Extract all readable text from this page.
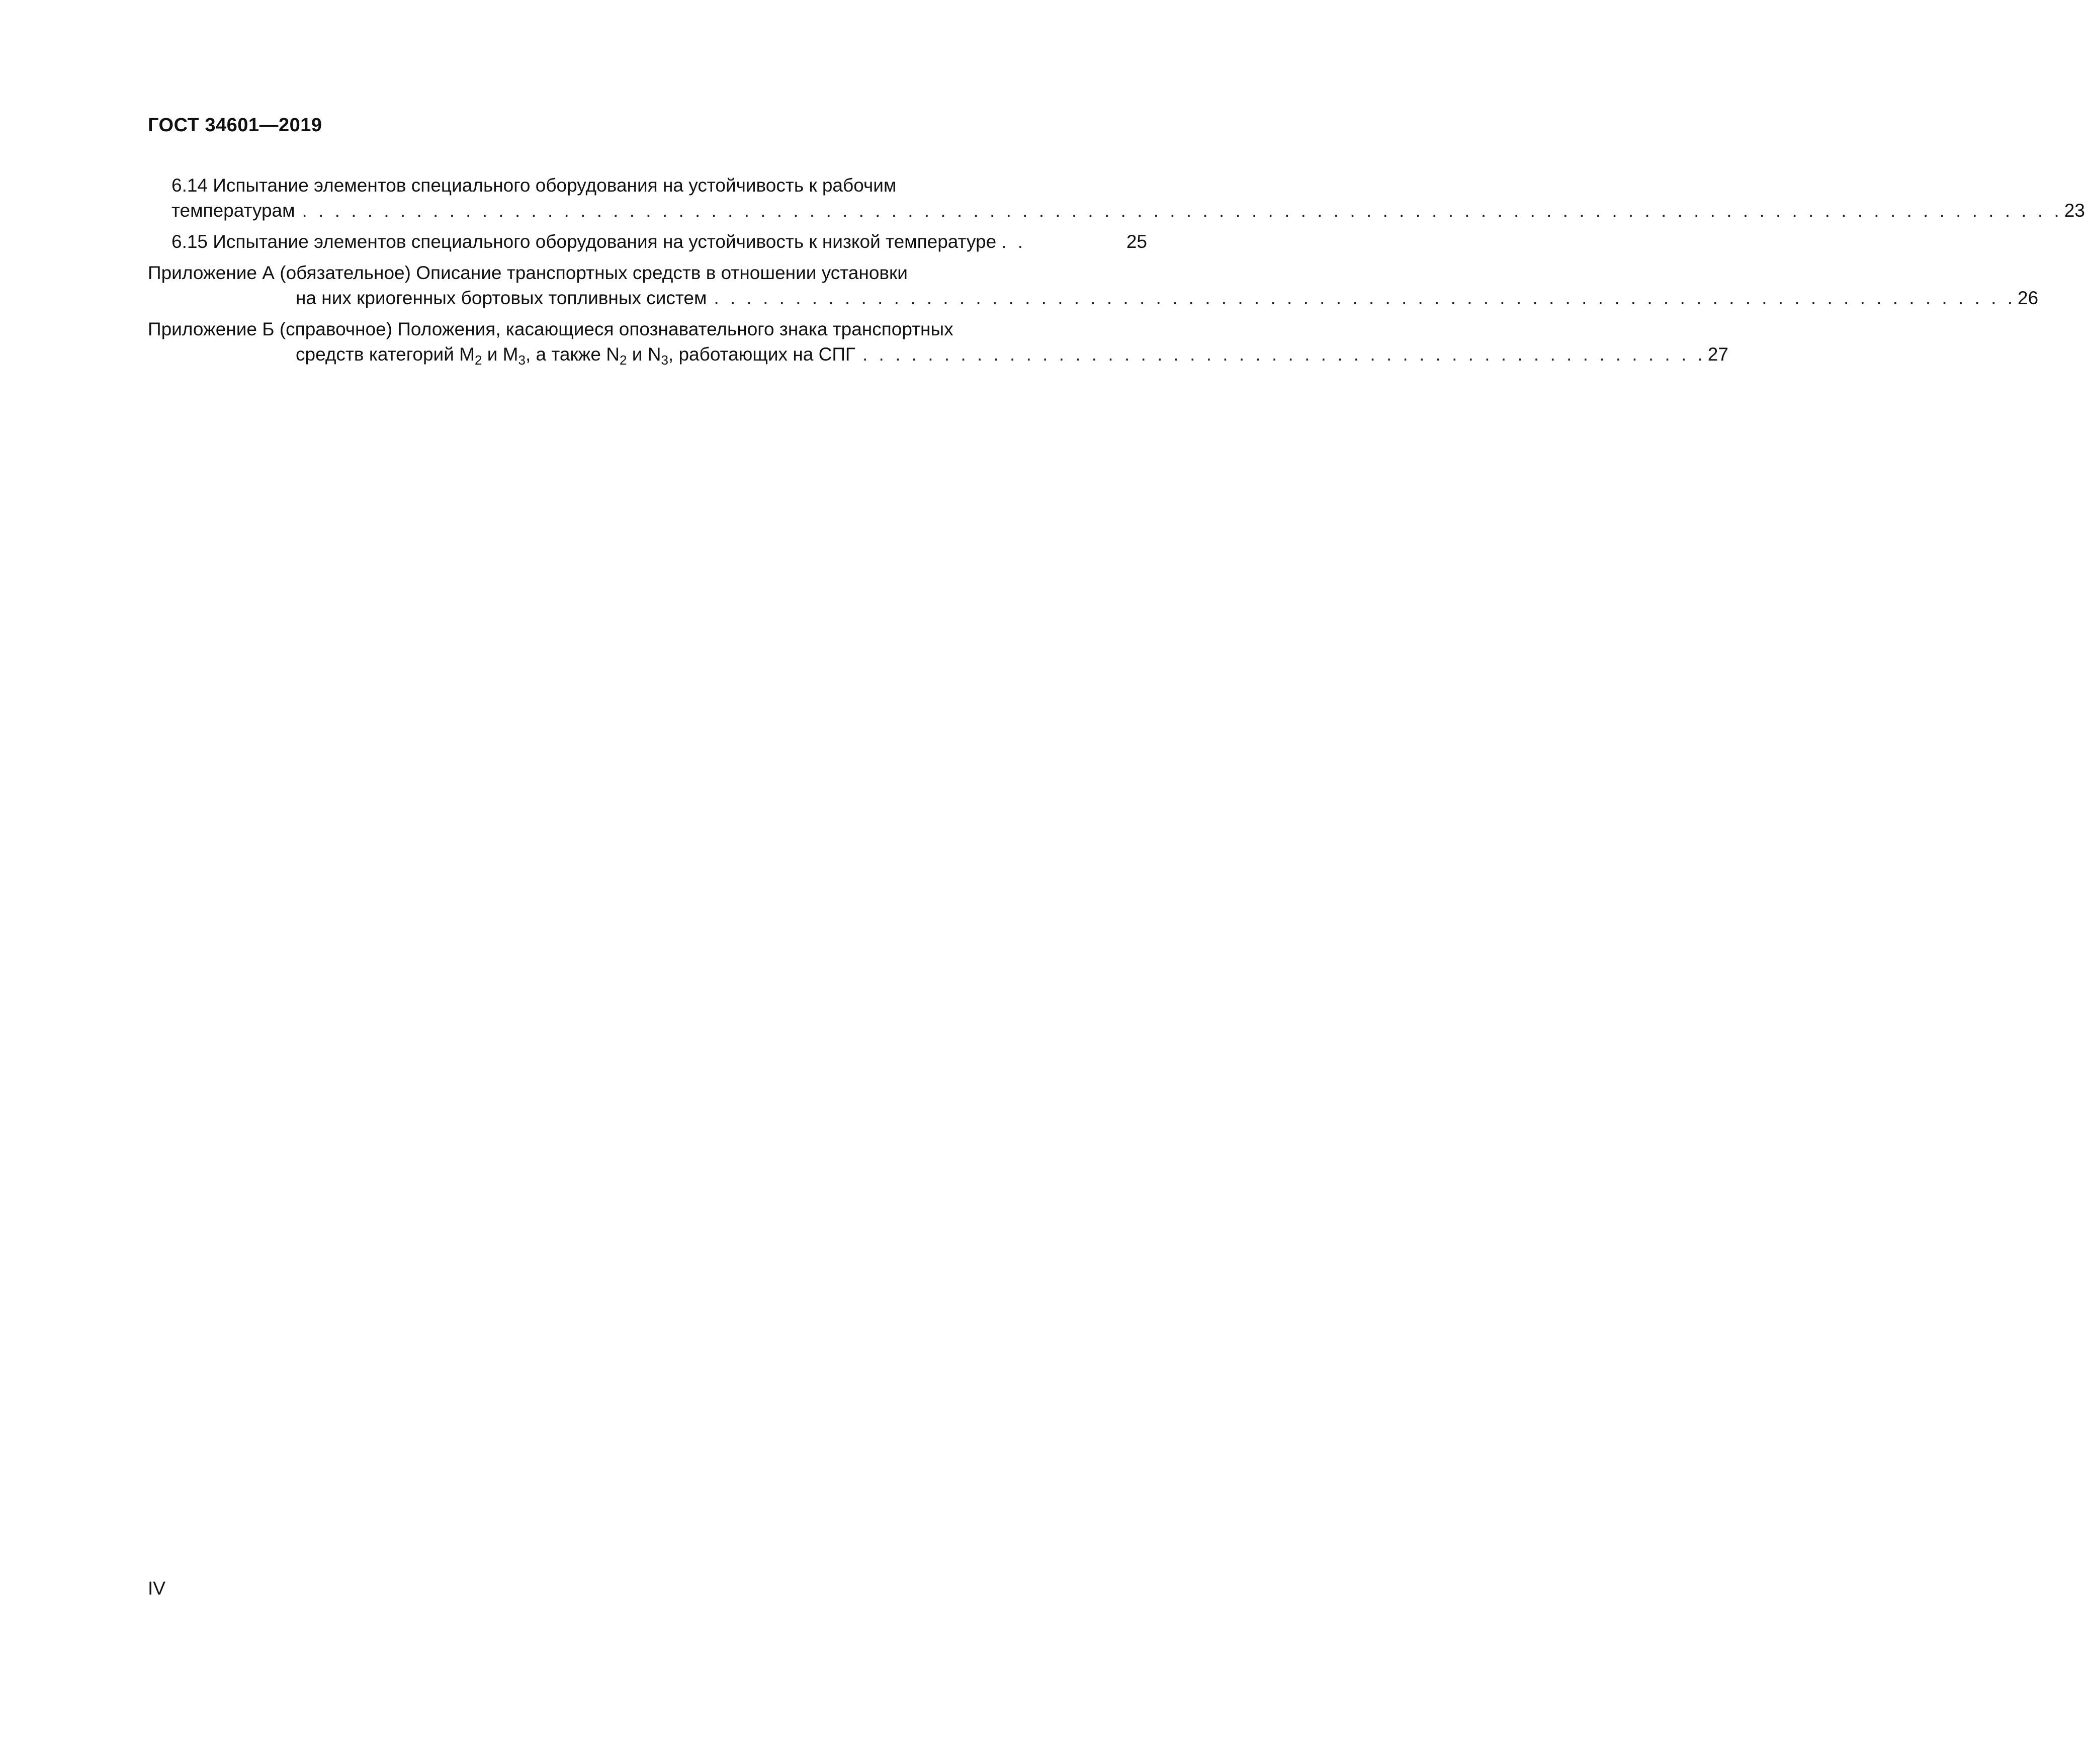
ГОСТ 34601—2019
6.14 Испытание элементов специального оборудования на устойчивость к рабочим
температурам . . . . . . . . . . . . . . . . . . . . . . . . . . . . . . . . . . . . . . . . . . . . . . . . . . . . . . . . . . . . . . . . . . . . . . . . . . . . . . . . . . . . . . . . . . . . . . . . . . . . . . . . . . . . 23
6.15 Испытание элементов специального оборудования на устойчивость к низкой температуре . .	25
Приложение А (обязательное) Описание транспортных средств в отношении установки
на них криогенных бортовых топливных систем . . . . . . . . . . . . . . . . . . . . . . . . . . . . . . . . . . . . . . . . . . . . . . . . . . . . . . . . . . . . . . . . . . . . . . . . . . . . . . . . 26
Приложение Б (справочное) Положения, касающиеся опознавательного знака транспортных
средств категорий $M_2$ и $M_3$, а также $N_2$ и $N_3$, работающих на СПГ . . . . . . . . . . . . . . . . . . . . . . . . . . . . . . . . . . . . . . . . . . . . . . . . . . . . 27
IV
